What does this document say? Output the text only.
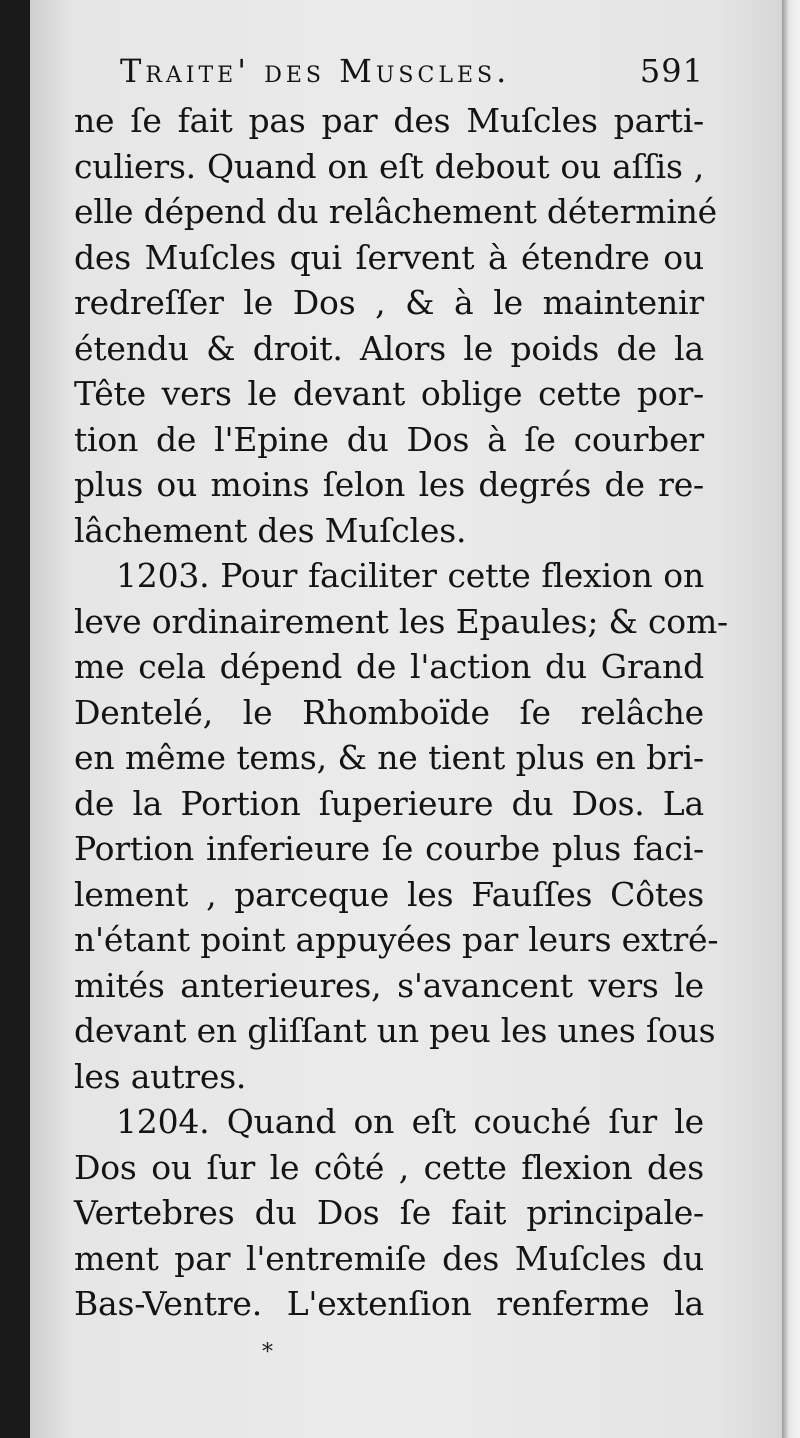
Traite' des Muscles.	591
ne ſe fait pas par des Muſcles parti-
culiers. Quand on eſt debout ou aſſis ,
elle dépend du relâchement déterminé
des Muſcles qui ſervent à étendre ou
redreſſer le Dos , & à le maintenir
étendu & droit. Alors le poids de la
Tête vers le devant oblige cette por-
tion de l'Epine du Dos à ſe courber
plus ou moins ſelon les degrés de re-
lâchement des Muſcles.
1203. Pour faciliter cette flexion on
leve ordinairement les Epaules; & com-
me cela dépend de l'action du Grand
Dentelé, le Rhomboïde ſe relâche
en même tems, & ne tient plus en bri-
de la Portion ſuperieure du Dos. La
Portion inferieure ſe courbe plus faci-
lement , parceque les Fauſſes Côtes
n'étant point appuyées par leurs extré-
mités anterieures, s'avancent vers le
devant en gliſſant un peu les unes ſous
les autres.
1204. Quand on eſt couché ſur le
Dos ou ſur le côté , cette flexion des
Vertebres du Dos ſe fait principale-
ment par l'entremiſe des Muſcles du
Bas-Ventre. L'extenſion renferme la
*
